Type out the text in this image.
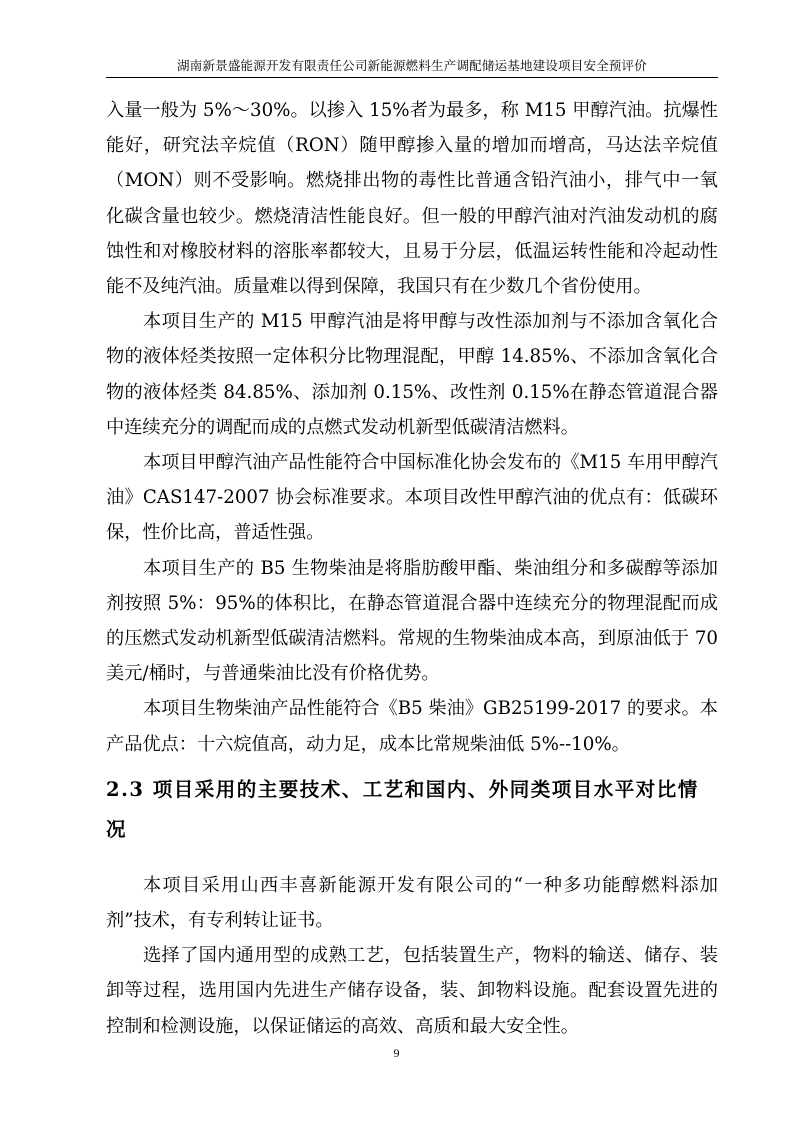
湖南新景盛能源开发有限责任公司新能源燃料生产调配储运基地建设项目安全预评价

入量一般为 5%～30%。以掺入 15%者为最多，称 M15 甲醇汽油。抗爆性能好，研究法辛烷值（RON）随甲醇掺入量的增加而增高，马达法辛烷值（MON）则不受影响。燃烧排出物的毒性比普通含铅汽油小，排气中一氧化碳含量也较少。燃烧清洁性能良好。但一般的甲醇汽油对汽油发动机的腐蚀性和对橡胶材料的溶胀率都较大，且易于分层，低温运转性能和冷起动性能不及纯汽油。质量难以得到保障，我国只有在少数几个省份使用。

本项目生产的 M15 甲醇汽油是将甲醇与改性添加剂与不添加含氧化合物的液体烃类按照一定体积分比物理混配，甲醇 14.85%、不添加含氧化合物的液体烃类 84.85%、添加剂 0.15%、改性剂 0.15%在静态管道混合器中连续充分的调配而成的点燃式发动机新型低碳清洁燃料。

本项目甲醇汽油产品性能符合中国标准化协会发布的《M15 车用甲醇汽油》CAS147-2007 协会标准要求。本项目改性甲醇汽油的优点有：低碳环保，性价比高，普适性强。

本项目生产的 B5 生物柴油是将脂肪酸甲酯、柴油组分和多碳醇等添加剂按照 5%：95%的体积比，在静态管道混合器中连续充分的物理混配而成的压燃式发动机新型低碳清洁燃料。常规的生物柴油成本高，到原油低于 70 美元/桶时，与普通柴油比没有价格优势。

本项目生物柴油产品性能符合《B5 柴油》GB25199-2017 的要求。本产品优点：十六烷值高，动力足，成本比常规柴油低 5%--10%。

2.3 项目采用的主要技术、工艺和国内、外同类项目水平对比情况

本项目采用山西丰喜新能源开发有限公司的“一种多功能醇燃料添加剂”技术，有专利转让证书。

选择了国内通用型的成熟工艺，包括装置生产，物料的输送、储存、装卸等过程，选用国内先进生产储存设备，装、卸物料设施。配套设置先进的控制和检测设施，以保证储运的高效、高质和最大安全性。

9
